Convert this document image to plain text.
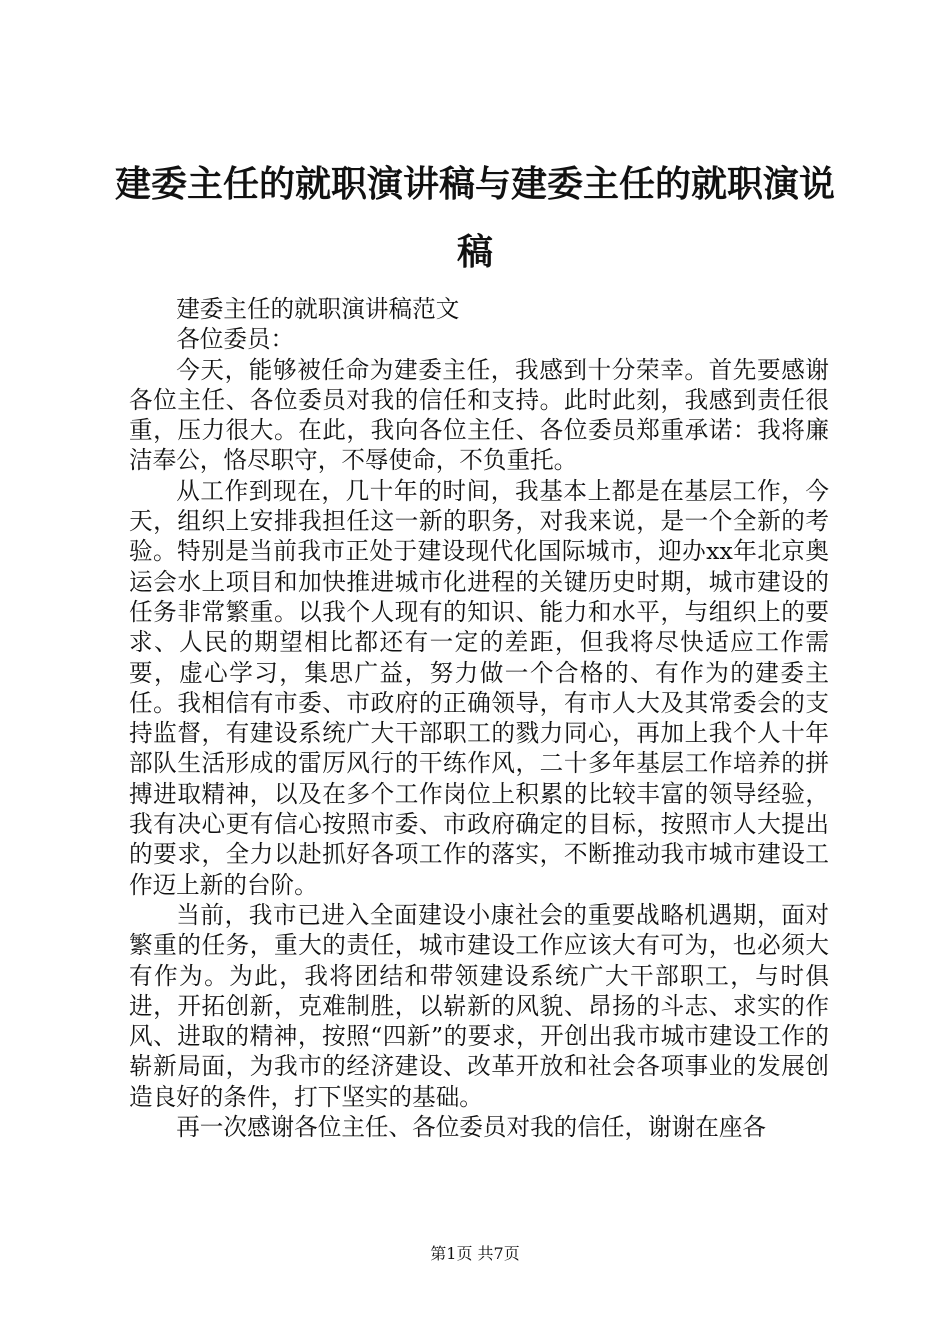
建委主任的就职演讲稿与建委主任的就职演说稿

建委主任的就职演讲稿范文

各位委员：

今天，能够被任命为建委主任，我感到十分荣幸。首先要感谢各位主任、各位委员对我的信任和支持。此时此刻，我感到责任很重，压力很大。在此，我向各位主任、各位委员郑重承诺：我将廉洁奉公，恪尽职守，不辱使命，不负重托。

从工作到现在，几十年的时间，我基本上都是在基层工作，今天，组织上安排我担任这一新的职务，对我来说，是一个全新的考验。特别是当前我市正处于建设现代化国际城市，迎办xx年北京奥运会水上项目和加快推进城市化进程的关键历史时期，城市建设的任务非常繁重。以我个人现有的知识、能力和水平，与组织上的要求、人民的期望相比都还有一定的差距，但我将尽快适应工作需要，虚心学习，集思广益，努力做一个合格的、有作为的建委主任。我相信有市委、市政府的正确领导，有市人大及其常委会的支持监督，有建设系统广大干部职工的戮力同心，再加上我个人十年部队生活形成的雷厉风行的干练作风，二十多年基层工作培养的拼搏进取精神，以及在多个工作岗位上积累的比较丰富的领导经验，我有决心更有信心按照市委、市政府确定的目标，按照市人大提出的要求，全力以赴抓好各项工作的落实，不断推动我市城市建设工作迈上新的台阶。

当前，我市已进入全面建设小康社会的重要战略机遇期，面对繁重的任务，重大的责任，城市建设工作应该大有可为，也必须大有作为。为此，我将团结和带领建设系统广大干部职工，与时俱进，开拓创新，克难制胜，以崭新的风貌、昂扬的斗志、求实的作风、进取的精神，按照“四新”的要求，开创出我市城市建设工作的崭新局面，为我市的经济建设、改革开放和社会各项事业的发展创造良好的条件，打下坚实的基础。

再一次感谢各位主任、各位委员对我的信任，谢谢在座各

第1页 共7页
